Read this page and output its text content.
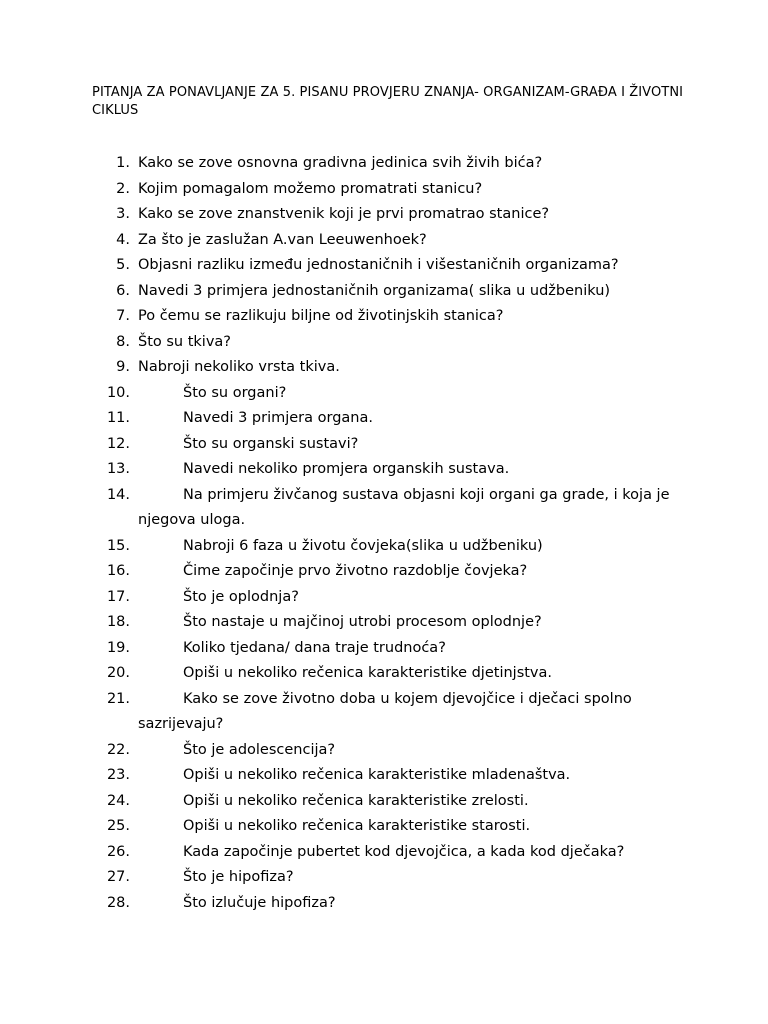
PITANJA ZA PONAVLJANJE ZA 5. PISANU PROVJERU ZNANJA- ORGANIZAM-GRAĐA I ŽIVOTNI CIKLUS
1. Kako se zove osnovna gradivna jedinica svih živih bića?
2. Kojim pomagalom možemo promatrati stanicu?
3. Kako se zove znanstvenik koji je prvi promatrao stanice?
4. Za što je zaslužan A.van Leeuwenhoek?
5. Objasni razliku između jednostaničnih i višestaničnih organizama?
6. Navedi 3 primjera jednostaničnih organizama( slika u udžbeniku)
7. Po čemu se razlikuju biljne od životinjskih stanica?
8. Što su tkiva?
9. Nabroji nekoliko vrsta tkiva.
10.	Što su organi?
11.	Navedi 3 primjera organa.
12.	Što su organski sustavi?
13.	Navedi nekoliko promjera organskih sustava.
14.	Na primjeru živčanog sustava objasni koji organi ga grade, i koja je njegova uloga.
15.	Nabroji 6 faza u životu čovjeka(slika u udžbeniku)
16.	Čime započinje prvo životno razdoblje čovjeka?
17.	Što je oplodnja?
18.	Što nastaje u majčinoj utrobi procesom oplodnje?
19.	Koliko tjedana/ dana traje trudnoća?
20.	Opiši u nekoliko rečenica karakteristike djetinjstva.
21.	Kako se zove životno doba u kojem djevojčice i dječaci spolno sazrijevaju?
22.	Što je adolescencija?
23.	Opiši u nekoliko rečenica karakteristike mladenaštva.
24.	Opiši u nekoliko rečenica karakteristike zrelosti.
25.	Opiši u nekoliko rečenica karakteristike starosti.
26.	Kada započinje pubertet kod djevojčica, a kada kod dječaka?
27.	Što je hipofiza?
28.	Što izlučuje hipofiza?
